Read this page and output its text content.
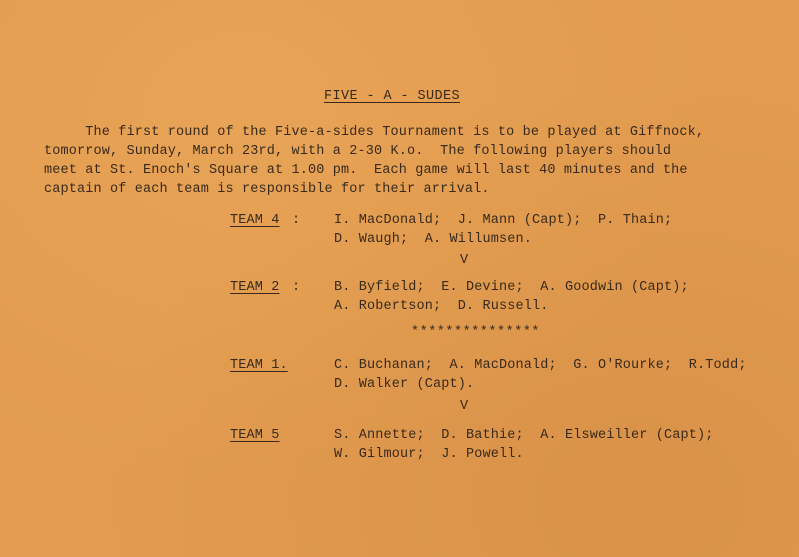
FIVE - A - SUDES
The first round of the Five-a-sides Tournament is to be played at Giffnock,
tomorrow, Sunday, March 23rd, with a 2-30 K.o.  The following players should
meet at St. Enoch's Square at 1.00 pm.  Each game will last 40 minutes and the
captain of each team is responsible for their arrival.
TEAM 4 : I. MacDonald;  J. Mann (Capt);  P. Thain;
D. Waugh;  A. Willumsen.
V
TEAM 2 : B. Byfield;  E. Devine;  A. Goodwin (Capt);
A. Robertson;  D. Russell.
***************
TEAM 1.	C. Buchanan;  A. MacDonald;  G. O'Rourke;  R.Todd;
D. Walker (Capt).
V
TEAM 5	S. Annette;  D. Bathie;  A. Elsweiller (Capt);
W. Gilmour;  J. Powell.
